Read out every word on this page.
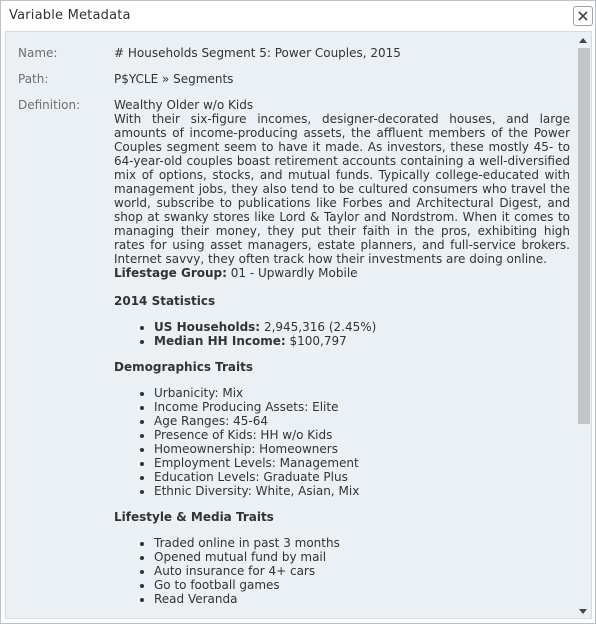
Variable Metadata
Name:	# Households Segment 5: Power Couples, 2015
Path:	P$YCLE » Segments
Definition:	Wealthy Older w/o Kids
With their six-figure incomes, designer-decorated houses, and large amounts of income-producing assets, the affluent members of the Power Couples segment seem to have it made. As investors, these mostly 45- to 64-year-old couples boast retirement accounts containing a well-diversified mix of options, stocks, and mutual funds. Typically college-educated with management jobs, they also tend to be cultured consumers who travel the world, subscribe to publications like Forbes and Architectural Digest, and shop at swanky stores like Lord & Taylor and Nordstrom. When it comes to managing their money, they put their faith in the pros, exhibiting high rates for using asset managers, estate planners, and full-service brokers. Internet savvy, they often track how their investments are doing online.
Lifestage Group: 01 - Upwardly Mobile
2014 Statistics
• US Households: 2,945,316 (2.45%)
• Median HH Income: $100,797
Demographics Traits
• Urbanicity: Mix
• Income Producing Assets: Elite
• Age Ranges: 45-64
• Presence of Kids: HH w/o Kids
• Homeownership: Homeowners
• Employment Levels: Management
• Education Levels: Graduate Plus
• Ethnic Diversity: White, Asian, Mix
Lifestyle & Media Traits
• Traded online in past 3 months
• Opened mutual fund by mail
• Auto insurance for 4+ cars
• Go to football games
• Read Veranda
